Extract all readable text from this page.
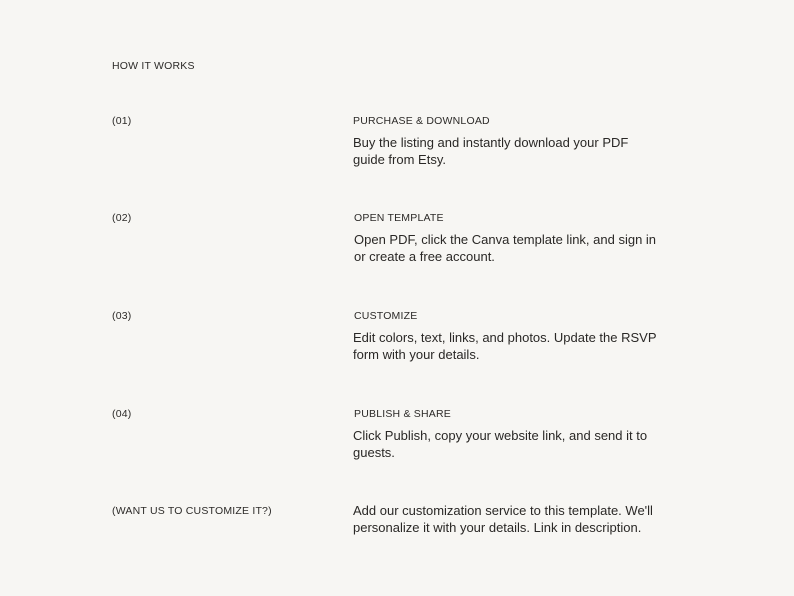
HOW IT WORKS
(01)	PURCHASE & DOWNLOAD
Buy the listing and instantly download your PDF guide from Etsy.
(02)	OPEN TEMPLATE
Open PDF, click the Canva template link, and sign in or create a free account.
(03)	CUSTOMIZE
Edit colors, text, links, and photos. Update the RSVP form with your details.
(04)	PUBLISH & SHARE
Click Publish, copy your website link, and send it to guests.
(WANT US TO CUSTOMIZE IT?)	Add our customization service to this template. We'll personalize it with your details. Link in description.
